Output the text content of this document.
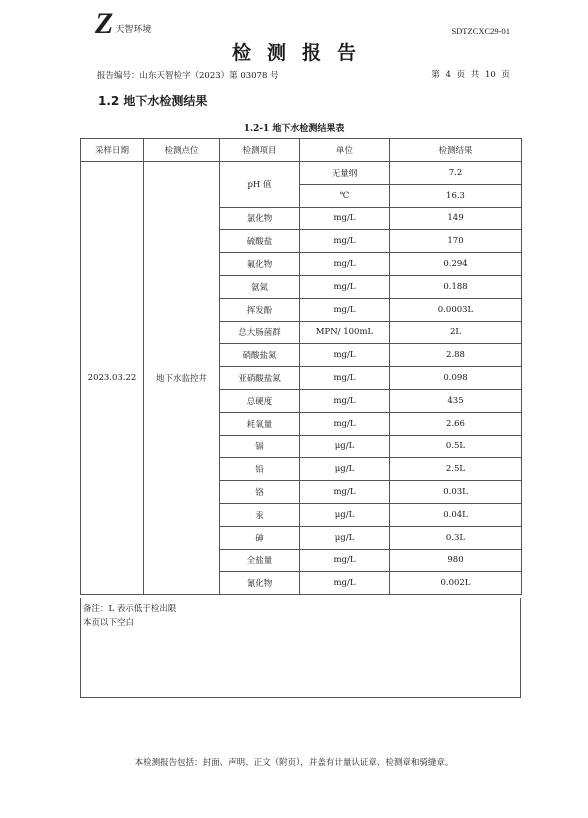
Z 天智环境	SDTZCXC29-01
检测报告
报告编号：山东天智检字（2023）第 03078 号	第 4 页 共 10 页
1.2 地下水检测结果
1.2-1 地下水检测结果表
采样日期	检测点位	检测项目	单位	检测结果
2023.03.22	地下水监控井	pH 值	无量纲	7.2
			℃	16.3
		氯化物	mg/L	149
		硫酸盐	mg/L	170
		氟化物	mg/L	0.294
		氨氮	mg/L	0.188
		挥发酚	mg/L	0.0003L
		总大肠菌群	MPN/ 100mL	2L
		硝酸盐氮	mg/L	2.88
		亚硝酸盐氮	mg/L	0.098
		总硬度	mg/L	435
		耗氧量	mg/L	2.66
		镉	μg/L	0.5L
		铅	μg/L	2.5L
		铬	mg/L	0.03L
		汞	μg/L	0.04L
		砷	μg/L	0.3L
		全盐量	mg/L	980
		氰化物	mg/L	0.002L
备注：L 表示低于检出限
本页以下空白
本检测报告包括：封面、声明、正文（附页），并盖有计量认证章、检测章和骑缝章。
